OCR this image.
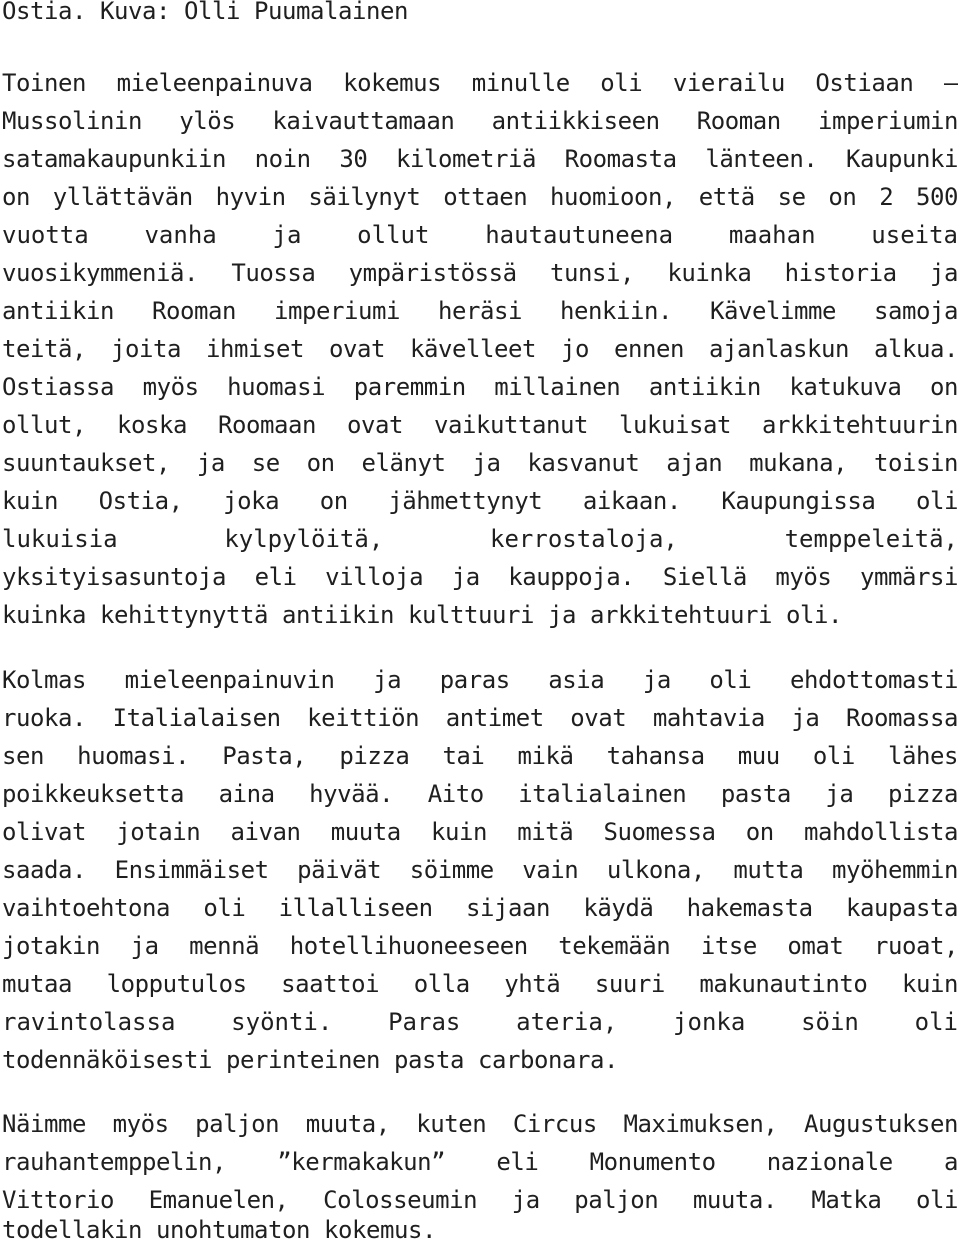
Ostia. Kuva: Olli Puumalainen
Toinen mieleenpainuva kokemus minulle oli vierailu Ostiaan –
Mussolinin ylös kaivauttamaan antiikkiseen Rooman imperiumin
satamakaupunkiin noin 30 kilometriä Roomasta länteen. Kaupunki
on yllättävän hyvin säilynyt ottaen huomioon, että se on 2 500
vuotta vanha ja ollut hautautuneena maahan useita
vuosikymmeniä. Tuossa ympäristössä tunsi, kuinka historia ja
antiikin Rooman imperiumi heräsi henkiin. Kävelimme samoja
teitä, joita ihmiset ovat kävelleet jo ennen ajanlaskun alkua.
Ostiassa myös huomasi paremmin millainen antiikin katukuva on
ollut, koska Roomaan ovat vaikuttanut lukuisat arkkitehtuurin
suuntaukset, ja se on elänyt ja kasvanut ajan mukana, toisin
kuin Ostia, joka on jähmettynyt aikaan. Kaupungissa oli
lukuisia kylpylöitä, kerrostaloja, temppeleitä,
yksityisasuntoja eli villoja ja kauppoja. Siellä myös ymmärsi
kuinka kehittynyttä antiikin kulttuuri ja arkkitehtuuri oli.
Kolmas mieleenpainuvin ja paras asia ja oli ehdottomasti
ruoka. Italialaisen keittiön antimet ovat mahtavia ja Roomassa
sen huomasi. Pasta, pizza tai mikä tahansa muu oli lähes
poikkeuksetta aina hyvää. Aito italialainen pasta ja pizza
olivat jotain aivan muuta kuin mitä Suomessa on mahdollista
saada. Ensimmäiset päivät söimme vain ulkona, mutta myöhemmin
vaihtoehtona oli illalliseen sijaan käydä hakemasta kaupasta
jotakin ja mennä hotellihuoneeseen tekemään itse omat ruoat,
mutaa lopputulos saattoi olla yhtä suuri makunautinto kuin
ravintolassa syönti. Paras ateria, jonka söin oli
todennäköisesti perinteinen pasta carbonara.
Näimme myös paljon muuta, kuten Circus Maximuksen, Augustuksen
rauhantemppelin, ”kermakakun” eli Monumento nazionale a
Vittorio Emanuelen, Colosseumin ja paljon muuta. Matka oli
todellakin unohtumaton kokemus.
